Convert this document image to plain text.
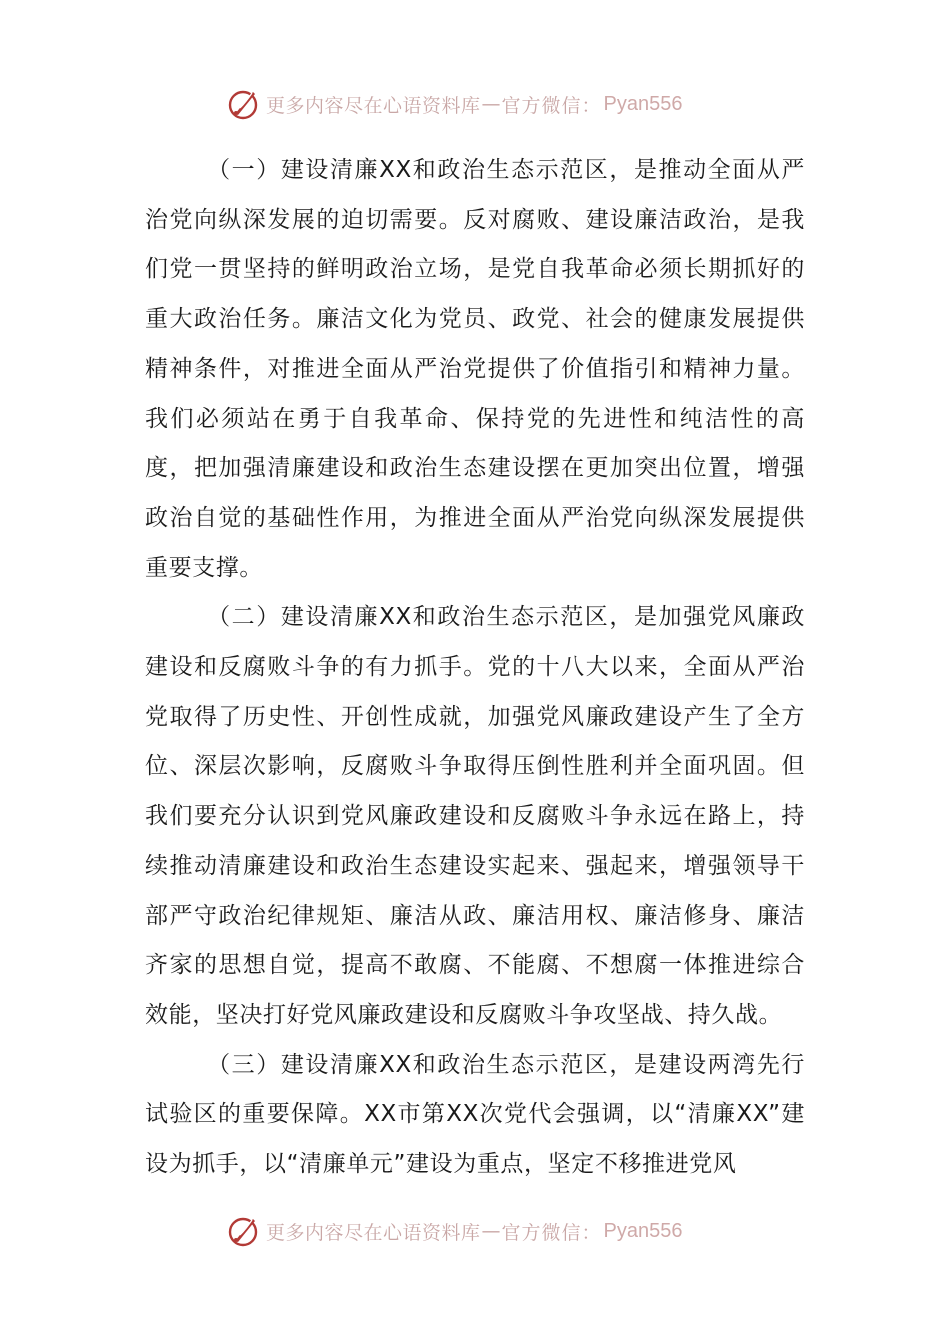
更多内容尽在心语资料库 — 官方微信： Pyan556

（一）建设清廉XX和政治生态示范区，是推动全面从严治党向纵深发展的迫切需要。反对腐败、建设廉洁政治，是我们党一贯坚持的鲜明政治立场，是党自我革命必须长期抓好的重大政治任务。廉洁文化为党员、政党、社会的健康发展提供精神条件，对推进全面从严治党提供了价值指引和精神力量。我们必须站在勇于自我革命、保持党的先进性和纯洁性的高度，把加强清廉建设和政治生态建设摆在更加突出位置，增强政治自觉的基础性作用，为推进全面从严治党向纵深发展提供重要支撑。

（二）建设清廉XX和政治生态示范区，是加强党风廉政建设和反腐败斗争的有力抓手。党的十八大以来，全面从严治党取得了历史性、开创性成就，加强党风廉政建设产生了全方位、深层次影响，反腐败斗争取得压倒性胜利并全面巩固。但我们要充分认识到党风廉政建设和反腐败斗争永远在路上，持续推动清廉建设和政治生态建设实起来、强起来，增强领导干部严守政治纪律规矩、廉洁从政、廉洁用权、廉洁修身、廉洁齐家的思想自觉，提高不敢腐、不能腐、不想腐一体推进综合效能，坚决打好党风廉政建设和反腐败斗争攻坚战、持久战。

（三）建设清廉XX和政治生态示范区，是建设两湾先行试验区的重要保障。XX市第XX次党代会强调，以“清廉XX”建设为抓手，以“清廉单元”建设为重点，坚定不移推进党风

更多内容尽在心语资料库 — 官方微信： Pyan556
